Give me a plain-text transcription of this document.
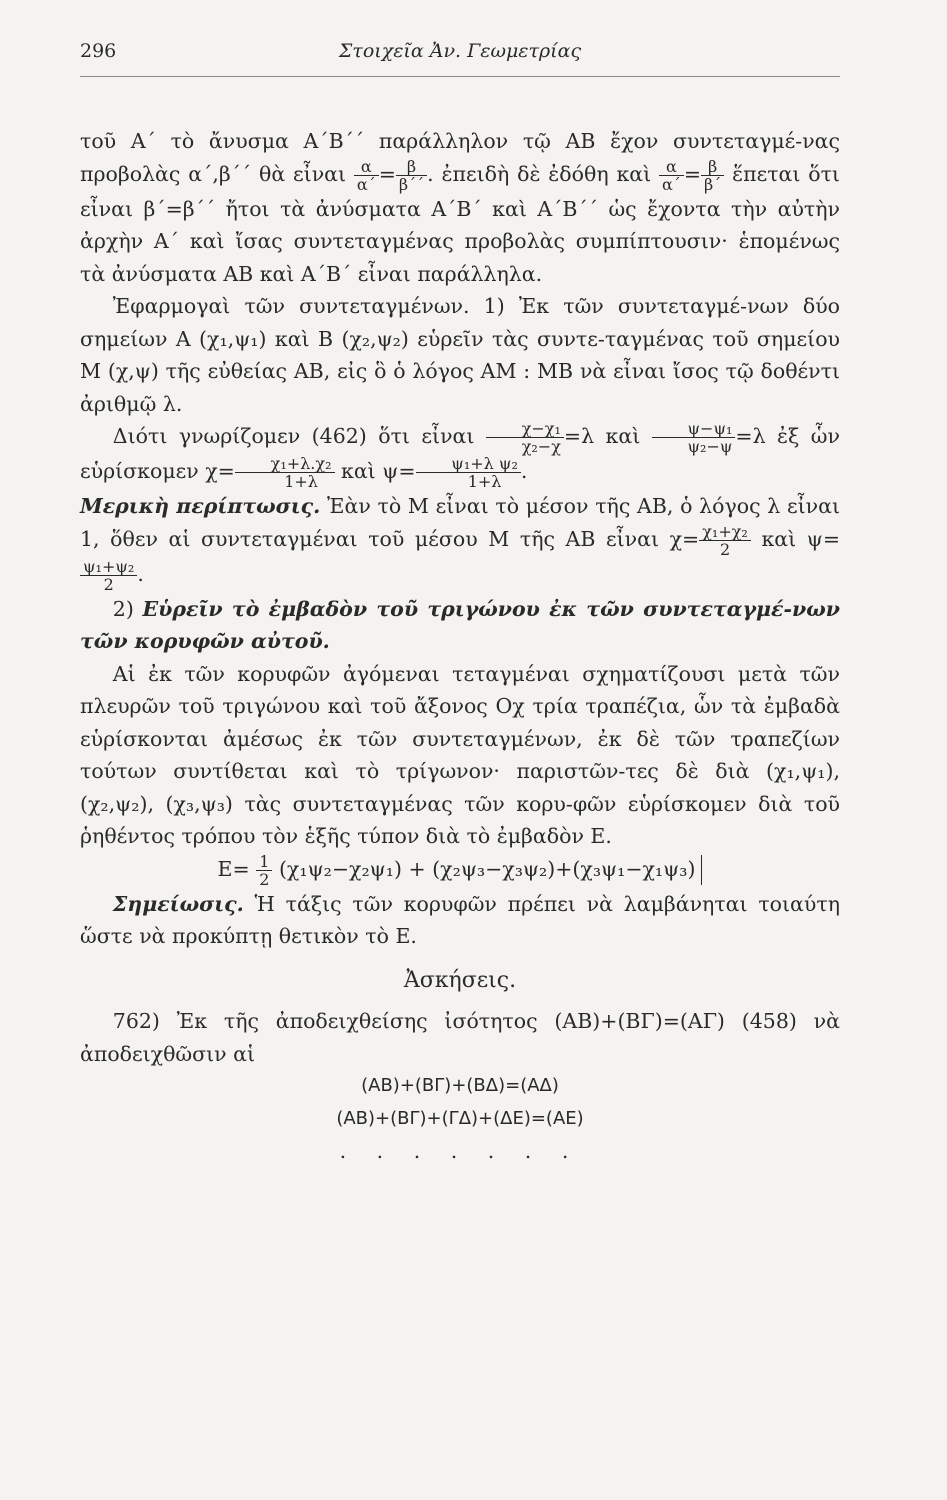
296	Στοιχεῖα Ἀν. Γεωμετρίας

τοῦ Α΄ τὸ ἄνυσμα Α΄Β΄΄ παράλληλον τῷ ΑΒ ἔχον συντεταγμέ-νας προβολὰς α΄,β΄΄ θὰ εἶναι $\frac{\alpha}{\alpha΄} = \frac{\beta}{\beta΄΄}$ . ἐπειδὴ δὲ ἐδόθη καὶ $\frac{\alpha}{\alpha΄} = \frac{\beta}{\beta΄}$ ἕπεται ὅτι εἶναι β΄=β΄΄ ἤτοι τὰ ἀνύσματα Α΄Β΄ καὶ Α΄Β΄΄ ὡς ἔχοντα τὴν αὐτὴν ἀρχὴν Α΄ καὶ ἴσας συντεταγμένας προβολὰς συμπίπτουσιν· ἑπομένως τὰ ἀνύσματα ΑΒ καὶ Α΄Β΄ εἶναι παράλληλα.

Ἐφαρμογαὶ τῶν συντεταγμένων. 1) Ἐκ τῶν συντεταγμέ-νων δύο σημείων Α (χ₁,ψ₁) καὶ Β (χ₂,ψ₂) εὑρεῖν τὰς συντε-ταγμένας τοῦ σημείου Μ (χ,ψ) τῆς εὐθείας ΑΒ, εἰς ὃ ὁ λόγος ΑΜ : ΜΒ νὰ εἶναι ἴσος τῷ δοθέντι ἀριθμῷ λ.

Διότι γνωρίζομεν (462) ὅτι εἶναι $\frac{\text{χ−χ₁}}{\text{χ₂−χ}} =\lambda$ καὶ $\frac{\text{ψ−ψ₁}}{\text{ψ₂−ψ}} =\lambda$ ἐξ ὧν εὑρίσκομεν $\chi= \frac{\text{χ₁+λ.χ₂}}{1+\lambda}$ καὶ $\psi= \frac{\text{ψ₁+λ ψ₂}}{1+\lambda}$ .

Μερικὴ περίπτωσις. Ἐὰν τὸ Μ εἶναι τὸ μέσον τῆς ΑΒ, ὁ λόγος λ εἶναι 1, ὅθεν αἱ συντεταγμέναι τοῦ μέσου Μ τῆς ΑΒ εἶναι $\chi= \frac{\text{χ₁+χ₂}}{2}$ καὶ ψ=
$\frac{\text{ψ₁+ψ₂}}{2}$ .

2) Εὑρεῖν τὸ ἐμβαδὸν τοῦ τριγώνου ἐκ τῶν συντεταγμέ-νων τῶν κορυφῶν αὐτοῦ.

Αἱ ἐκ τῶν κορυφῶν ἀγόμεναι τεταγμέναι σχηματίζουσι μετὰ τῶν πλευρῶν τοῦ τριγώνου καὶ τοῦ ἄξονος Οχ τρία τραπέζια, ὧν τὰ ἐμβαδὰ εὑρίσκονται ἀμέσως ἐκ τῶν συντεταγμένων, ἐκ δὲ τῶν τραπεζίων τούτων συντίθεται καὶ τὸ τρίγωνον· παριστῶν-τες δὲ διὰ (χ₁,ψ₁), (χ₂,ψ₂), (χ₃,ψ₃) τὰς συντεταγμένας τῶν κορυ-φῶν εὑρίσκομεν διὰ τοῦ ῥηθέντος τρόπου τὸν ἑξῆς τύπον διὰ τὸ ἐμβαδὸν Ε.

$E= \frac{1}{2} (\chi_1\psi_2-\chi_2\psi_1) + (\chi_2\psi_3-\chi_3\psi_2)+(\chi_3\psi_1-\chi_1\psi_3)$

Σημείωσις. Ἡ τάξις τῶν κορυφῶν πρέπει νὰ λαμβάνηται τοιαύτη ὥστε νὰ προκύπτῃ θετικὸν τὸ Ε.

Ἀσκήσεις.

762) Ἐκ τῆς ἀποδειχθείσης ἰσότητος (ΑΒ)+(ΒΓ)=(ΑΓ) (458) νὰ ἀποδειχθῶσιν αἱ

(ΑΒ)+(ΒΓ)+(ΒΔ)=(ΑΔ)
(ΑΒ)+(ΒΓ)+(ΓΔ)+(ΔΕ)=(ΑΕ)
. . . . . . .
